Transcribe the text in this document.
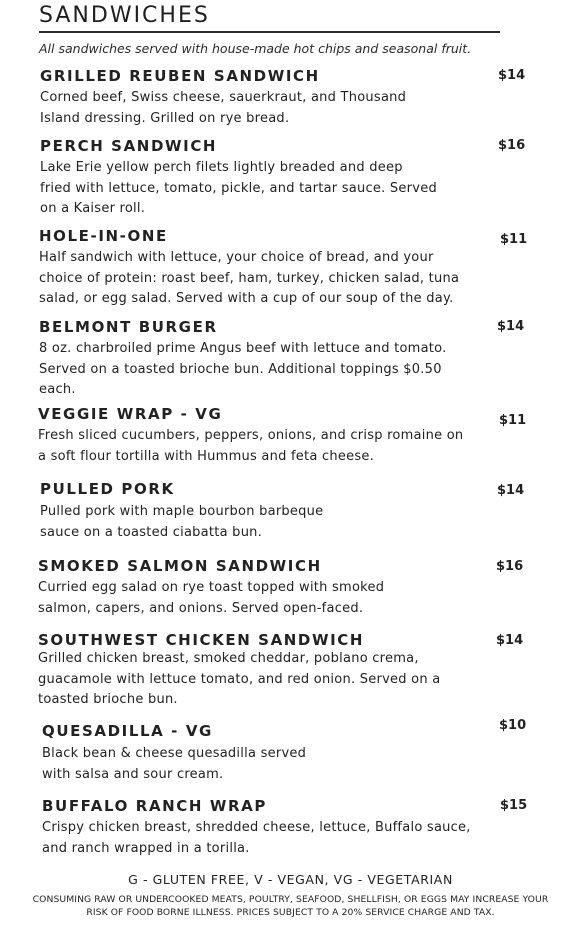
SANDWICHES
All sandwiches served with house-made hot chips and seasonal fruit.
GRILLED REUBEN SANDWICH	$14
Corned beef, Swiss cheese, sauerkraut, and Thousand
Island dressing. Grilled on rye bread.
PERCH SANDWICH	$16
Lake Erie yellow perch filets lightly breaded and deep
fried with lettuce, tomato, pickle, and tartar sauce. Served
on a Kaiser roll.
HOLE-IN-ONE	$11
Half sandwich with lettuce, your choice of bread, and your
choice of protein: roast beef, ham, turkey, chicken salad, tuna
salad, or egg salad. Served with a cup of our soup of the day.
BELMONT BURGER	$14
8 oz. charbroiled prime Angus beef with lettuce and tomato.
Served on a toasted brioche bun. Additional toppings $0.50
each.
VEGGIE WRAP - VG	$11
Fresh sliced cucumbers, peppers, onions, and crisp romaine on
a soft flour tortilla with Hummus and feta cheese.
PULLED PORK	$14
Pulled pork with maple bourbon barbeque
sauce on a toasted ciabatta bun.
SMOKED SALMON SANDWICH	$16
Curried egg salad on rye toast topped with smoked
salmon, capers, and onions. Served open-faced.
SOUTHWEST CHICKEN SANDWICH	$14
Grilled chicken breast, smoked cheddar, poblano crema,
guacamole with lettuce tomato, and red onion. Served on a
toasted brioche bun.
QUESADILLA - VG	$10
Black bean & cheese quesadilla served
with salsa and sour cream.
BUFFALO RANCH WRAP	$15
Crispy chicken breast, shredded cheese, lettuce, Buffalo sauce,
and ranch wrapped in a torilla.
G - GLUTEN FREE, V - VEGAN, VG - VEGETARIAN
CONSUMING RAW OR UNDERCOOKED MEATS, POULTRY, SEAFOOD, SHELLFISH, OR EGGS MAY INCREASE YOUR
RISK OF FOOD BORNE ILLNESS. PRICES SUBJECT TO A 20% SERVICE CHARGE AND TAX.
